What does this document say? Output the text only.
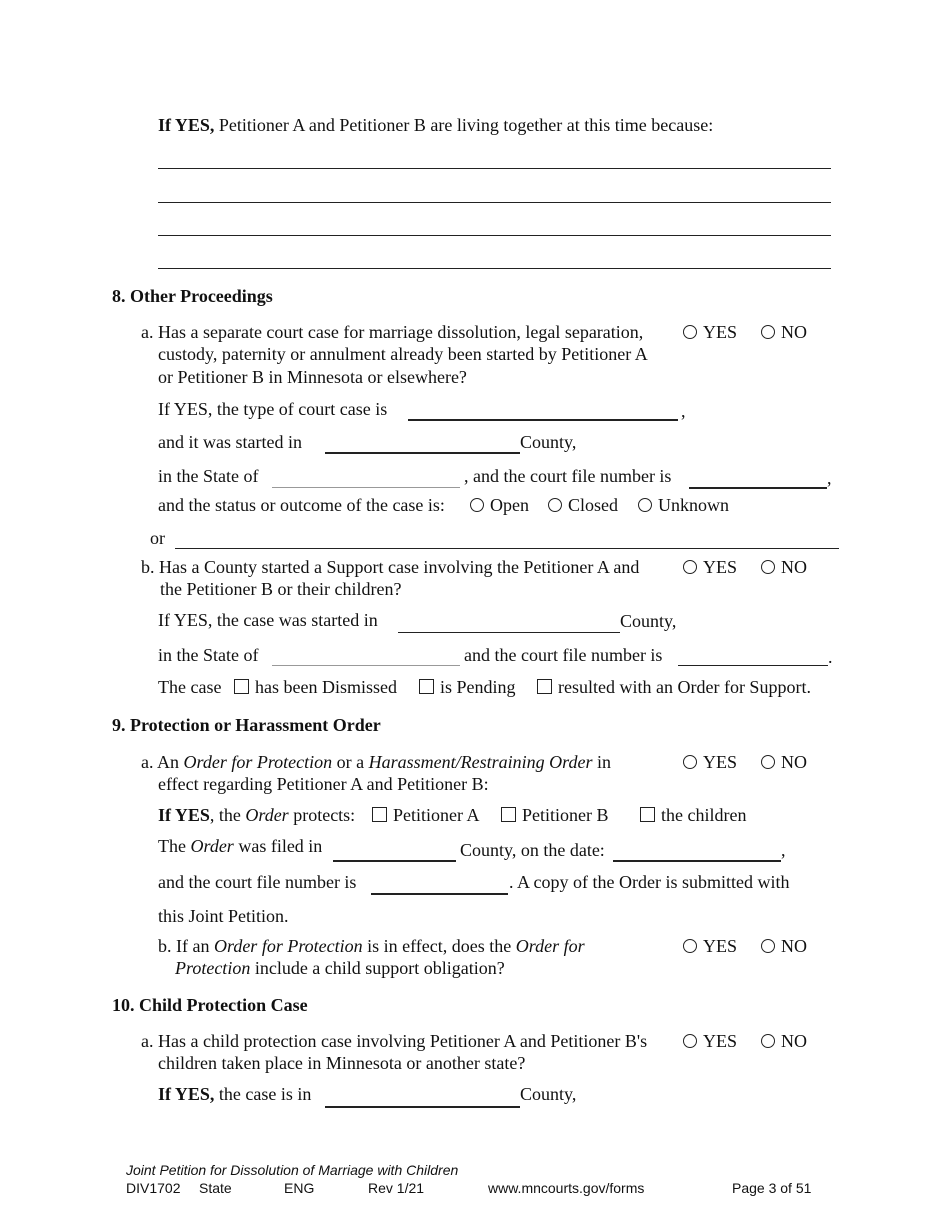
If YES, Petitioner A and Petitioner B are living together at this time because:
8. Other Proceedings
a. Has a separate court case for marriage dissolution, legal separation,
custody, paternity or annulment already been started by Petitioner A
or Petitioner B in Minnesota or elsewhere?
YES	NO
If YES, the type of court case is	,
and it was started in	County,
in the State of	, and the court file number is	,
and the status or outcome of the case is:	Open	Closed	Unknown
or
b. Has a County started a Support case involving the Petitioner A and
the Petitioner B or their children?
YES	NO
If YES, the case was started in	County,
in the State of	and the court file number is	.
The case	has been Dismissed	is Pending	resulted with an Order for Support.
9. Protection or Harassment Order
a. An Order for Protection or a Harassment/Restraining Order in
effect regarding Petitioner A and Petitioner B:
YES	NO
If YES, the Order protects:	Petitioner A	Petitioner B	the children
The Order was filed in	County, on the date:	,
and the court file number is	. A copy of the Order is submitted with
this Joint Petition.
b. If an Order for Protection is in effect, does the Order for
Protection include a child support obligation?
YES	NO
10. Child Protection Case
a. Has a child protection case involving Petitioner A and Petitioner B's
children taken place in Minnesota or another state?
YES	NO
If YES, the case is in	County,
Joint Petition for Dissolution of Marriage with Children
DIV1702 State	ENG	Rev 1/21	www.mncourts.gov/forms	Page 3 of 51
